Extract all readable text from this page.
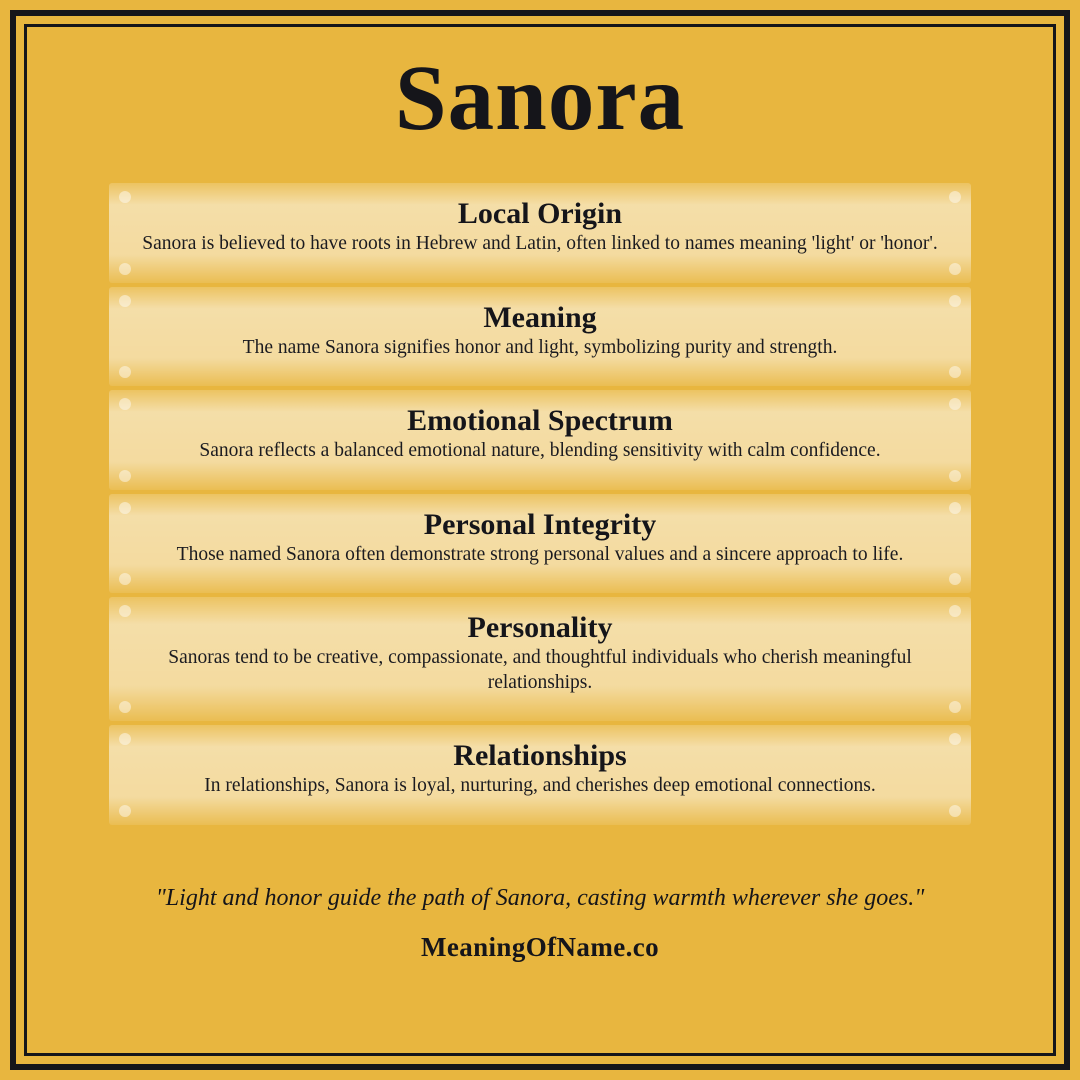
Sanora
Local Origin
Sanora is believed to have roots in Hebrew and Latin, often linked to names meaning 'light' or 'honor'.
Meaning
The name Sanora signifies honor and light, symbolizing purity and strength.
Emotional Spectrum
Sanora reflects a balanced emotional nature, blending sensitivity with calm confidence.
Personal Integrity
Those named Sanora often demonstrate strong personal values and a sincere approach to life.
Personality
Sanoras tend to be creative, compassionate, and thoughtful individuals who cherish meaningful relationships.
Relationships
In relationships, Sanora is loyal, nurturing, and cherishes deep emotional connections.
"Light and honor guide the path of Sanora, casting warmth wherever she goes."
MeaningOfName.co
